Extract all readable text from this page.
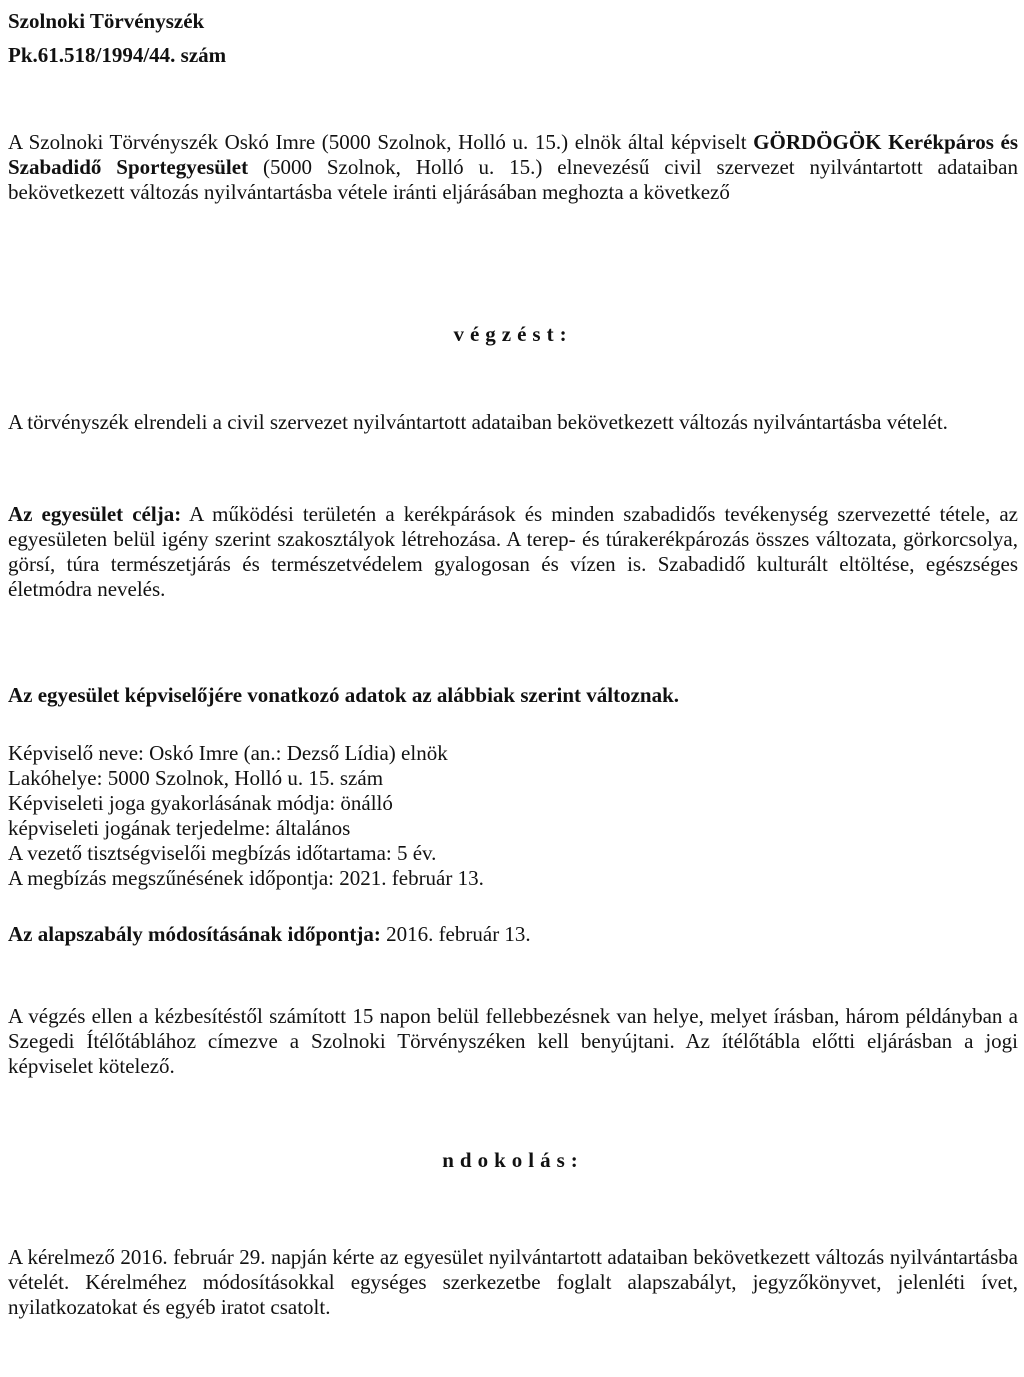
Szolnoki Törvényszék
Pk.61.518/1994/44. szám
A Szolnoki Törvényszék Oskó Imre (5000 Szolnok, Holló u. 15.) elnök által képviselt GÖRDÖGÖK Kerékpáros és Szabadidő Sportegyesület (5000 Szolnok, Holló u. 15.) elnevezésű civil szervezet nyilvántartott adataiban bekövetkezett változás nyilvántartásba vétele iránti eljárásában meghozta a következő
végzést:
A törvényszék elrendeli a civil szervezet nyilvántartott adataiban bekövetkezett változás nyilvántartásba vételét.
Az egyesület célja: A működési területén a kerékpárások és minden szabadidős tevékenység szervezetté tétele, az egyesületen belül igény szerint szakosztályok létrehozása. A terep- és túrakerékpározás összes változata, görkorcsolya, görsí, túra természetjárás és természetvédelem gyalogosan és vízen is. Szabadidő kulturált eltöltése, egészséges életmódra nevelés.
Az egyesület képviselőjére vonatkozó adatok az alábbiak szerint változnak.
Képviselő neve: Oskó Imre (an.: Dezső Lídia) elnök
Lakóhelye: 5000 Szolnok, Holló u. 15. szám
Képviseleti joga gyakorlásának módja: önálló
képviseleti jogának terjedelme: általános
A vezető tisztségviselői megbízás időtartama: 5 év.
A megbízás megszűnésének időpontja: 2021. február 13.
Az alapszabály módosításának időpontja: 2016. február 13.
A végzés ellen a kézbesítéstől számított 15 napon belül fellebbezésnek van helye, melyet írásban, három példányban a Szegedi Ítélőtáblához címezve a Szolnoki Törvényszéken kell benyújtani. Az ítélőtábla előtti eljárásban a jogi képviselet kötelező.
ndokolás:
A kérelmező 2016. február 29. napján kérte az egyesület nyilvántartott adataiban bekövetkezett változás nyilvántartásba vételét. Kérelméhez módosításokkal egységes szerkezetbe foglalt alapszabályt, jegyzőkönyvet, jelenléti ívet, nyilatkozatokat és egyéb iratot csatolt.
